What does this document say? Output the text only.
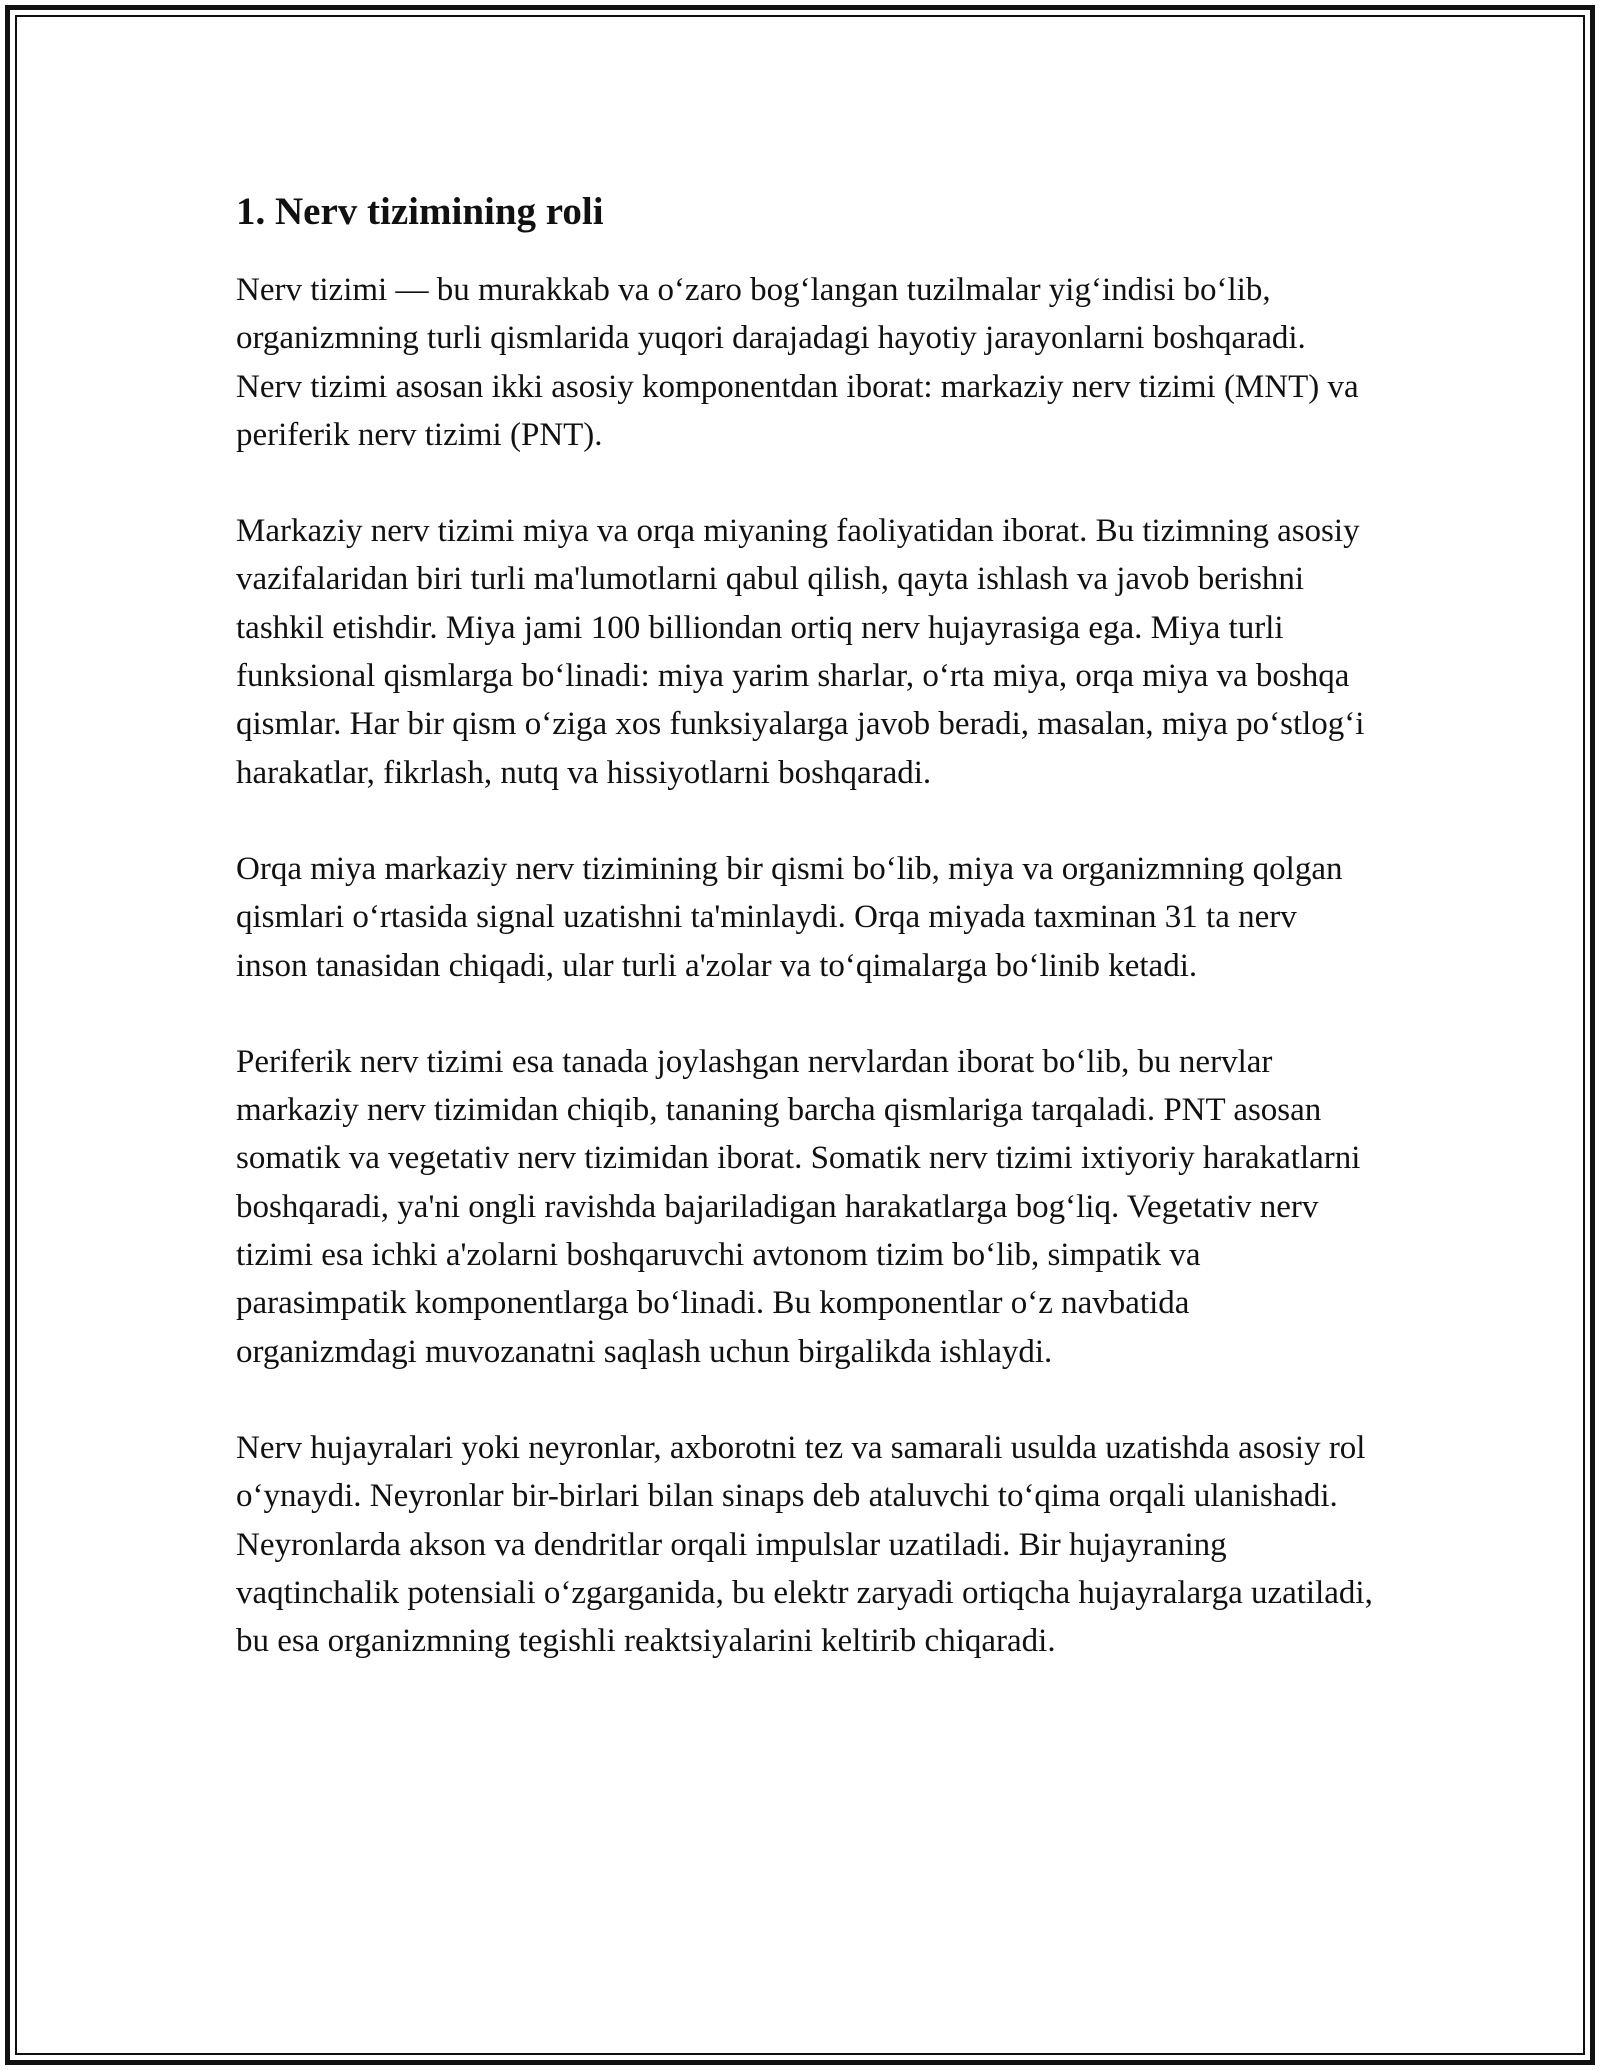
1. Nerv tizimining roli

Nerv tizimi — bu murakkab va oʻzaro bogʻlangan tuzilmalar yigʻindisi boʻlib, organizmning turli qismlarida yuqori darajadagi hayotiy jarayonlarni boshqaradi. Nerv tizimi asosan ikki asosiy komponentdan iborat: markaziy nerv tizimi (MNT) va periferik nerv tizimi (PNT).

Markaziy nerv tizimi miya va orqa miyaning faoliyatidan iborat. Bu tizimning asosiy vazifalaridan biri turli ma'lumotlarni qabul qilish, qayta ishlash va javob berishni tashkil etishdir. Miya jami 100 billiondan ortiq nerv hujayrasiga ega. Miya turli funksional qismlarga boʻlinadi: miya yarim sharlar, oʻrta miya, orqa miya va boshqa qismlar. Har bir qism oʻziga xos funksiyalarga javob beradi, masalan, miya poʻstlogʻi harakatlar, fikrlash, nutq va hissiyotlarni boshqaradi.

Orqa miya markaziy nerv tizimining bir qismi boʻlib, miya va organizmning qolgan qismlari oʻrtasida signal uzatishni ta'minlaydi. Orqa miyada taxminan 31 ta nerv inson tanasidan chiqadi, ular turli a'zolar va toʻqimalarga boʻlinib ketadi.

Periferik nerv tizimi esa tanada joylashgan nervlardan iborat boʻlib, bu nervlar markaziy nerv tizimidan chiqib, tananing barcha qismlariga tarqaladi. PNT asosan somatik va vegetativ nerv tizimidan iborat. Somatik nerv tizimi ixtiyoriy harakatlarni boshqaradi, ya'ni ongli ravishda bajariladigan harakatlarga bogʻliq. Vegetativ nerv tizimi esa ichki a'zolarni boshqaruvchi avtonom tizim boʻlib, simpatik va parasimpatik komponentlarga boʻlinadi. Bu komponentlar oʻz navbatida organizmdagi muvozanatni saqlash uchun birgalikda ishlaydi.

Nerv hujayralari yoki neyronlar, axborotni tez va samarali usulda uzatishda asosiy rol oʻynaydi. Neyronlar bir-birlari bilan sinaps deb ataluvchi toʻqima orqali ulanishadi. Neyronlarda akson va dendritlar orqali impulslar uzatiladi. Bir hujayraning vaqtinchalik potensiali oʻzgarganida, bu elektr zaryadi ortiqcha hujayralarga uzatiladi, bu esa organizmning tegishli reaktsiyalarini keltirib chiqaradi.
